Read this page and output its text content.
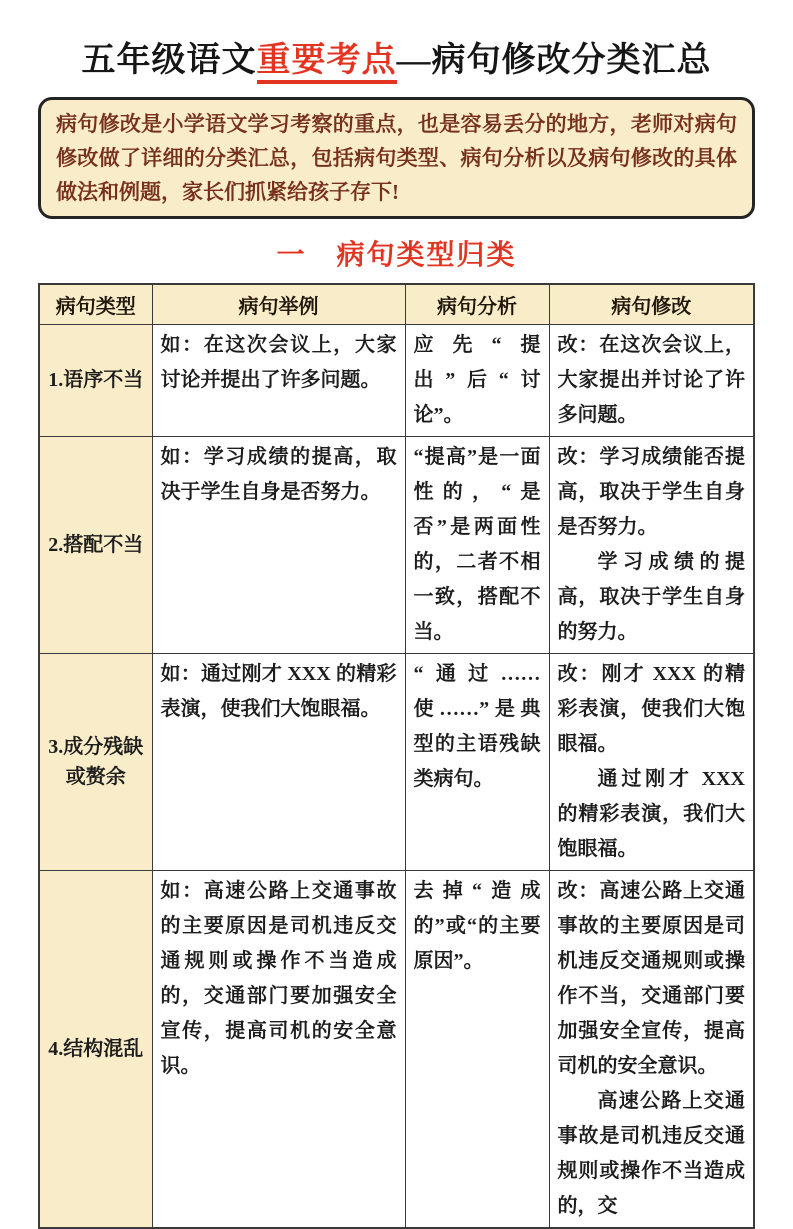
五年级语文重要考点—病句修改分类汇总

病句修改是小学语文学习考察的重点，也是容易丢分的地方，老师对病句修改做了详细的分类汇总，包括病句类型、病句分析以及病句修改的具体做法和例题，家长们抓紧给孩子存下!

一　病句类型归类
病句类型	病句举例	病句分析	病句修改
1.语序不当	如：在这次会议上，大家讨论并提出了许多问题。	应先“提出”后“讨论”。	改：在这次会议上，大家提出并讨论了许多问题。

2.搭配不当	如：学习成绩的提高，取决于学生自身是否努力。	“提高”是一面性的，“是否”是两面性的，二者不相一致，搭配不当。	改：学习成绩能否提高，取决于学生自身是否努力。

学习成绩的提高，取决于学生自身的努力。

3.成分残缺或赘余	如：通过刚才 XXX 的精彩表演，使我们大饱眼福。	“通过……使……”是典型的主语残缺类病句。	改：刚才 XXX 的精彩表演，使我们大饱眼福。

通过刚才 XXX 的精彩表演，我们大饱眼福。

4.结构混乱	如：高速公路上交通事故的主要原因是司机违反交通规则或操作不当造成的，交通部门要加强安全宣传，提高司机的安全意识。	去掉“造成的”或“的主要原因”。	改：高速公路上交通事故的主要原因是司机违反交通规则或操作不当，交通部门要加强安全宣传，提高司机的安全意识。

高速公路上交通事故是司机违反交通规则或操作不当造成的，交
